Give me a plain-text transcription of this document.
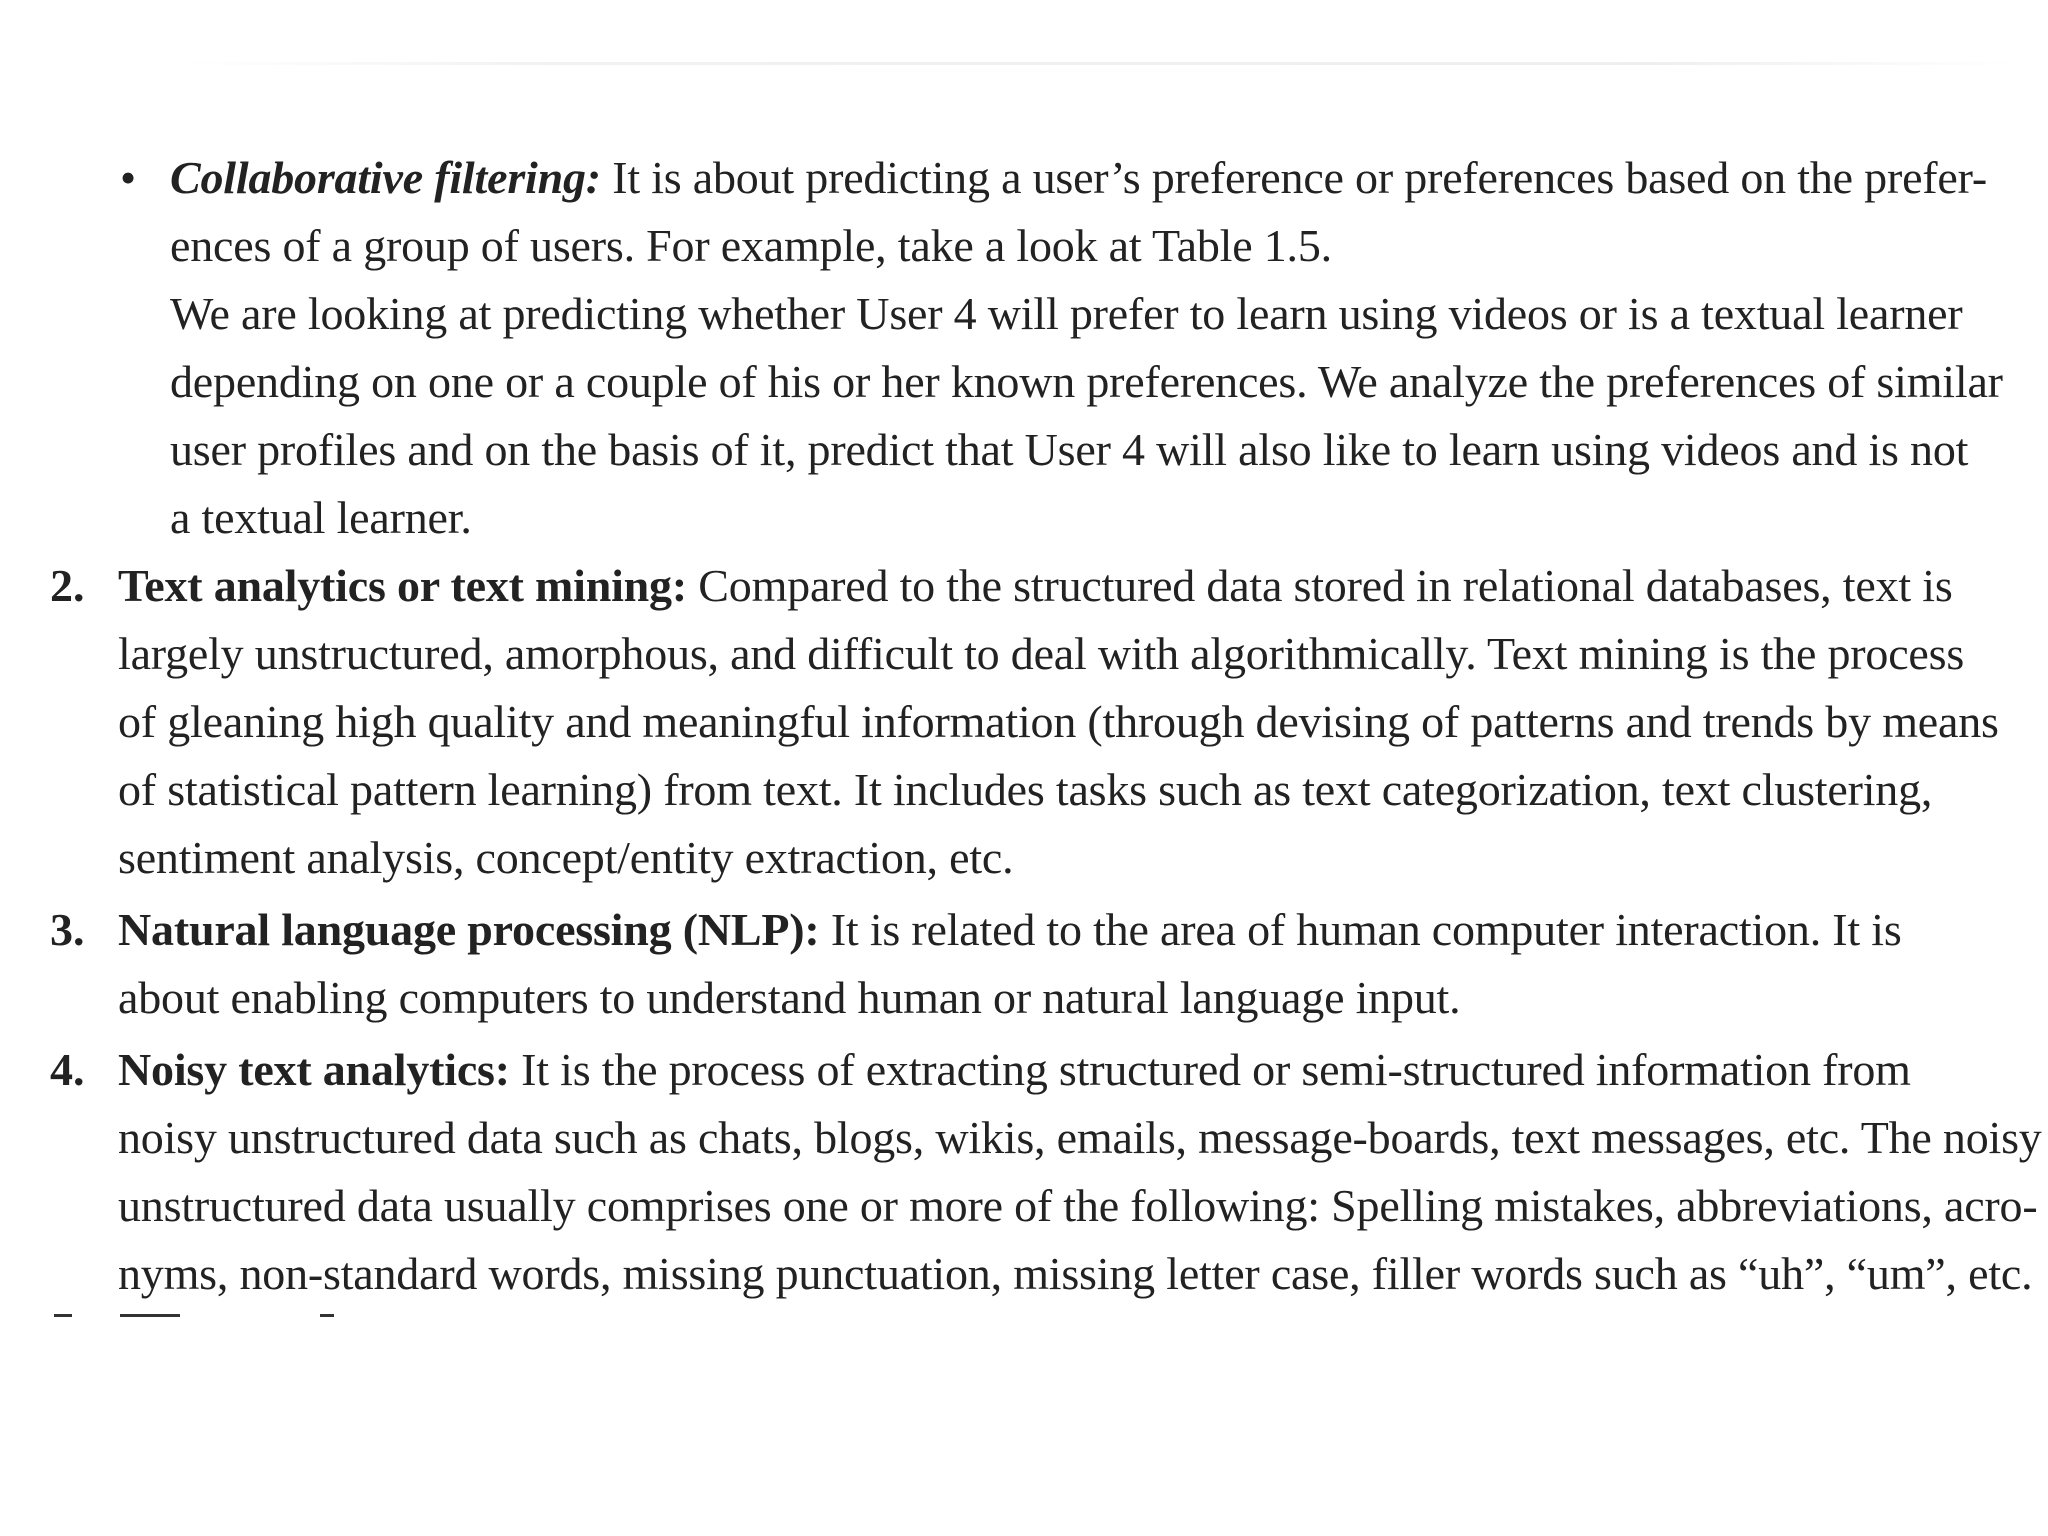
• Collaborative filtering: It is about predicting a user’s preference or preferences based on the prefer-
ences of a group of users. For example, take a look at Table 1.5.
We are looking at predicting whether User 4 will prefer to learn using videos or is a textual learner
depending on one or a couple of his or her known preferences. We analyze the preferences of similar
user profiles and on the basis of it, predict that User 4 will also like to learn using videos and is not
a textual learner.
2. Text analytics or text mining: Compared to the structured data stored in relational databases, text is
largely unstructured, amorphous, and difficult to deal with algorithmically. Text mining is the process
of gleaning high quality and meaningful information (through devising of patterns and trends by means
of statistical pattern learning) from text. It includes tasks such as text categorization, text clustering,
sentiment analysis, concept/entity extraction, etc.
3. Natural language processing (NLP): It is related to the area of human computer interaction. It is
about enabling computers to understand human or natural language input.
4. Noisy text analytics: It is the process of extracting structured or semi-structured information from
noisy unstructured data such as chats, blogs, wikis, emails, message-boards, text messages, etc. The noisy
unstructured data usually comprises one or more of the following: Spelling mistakes, abbreviations, acro-
nyms, non-standard words, missing punctuation, missing letter case, filler words such as “uh”, “um”, etc.
